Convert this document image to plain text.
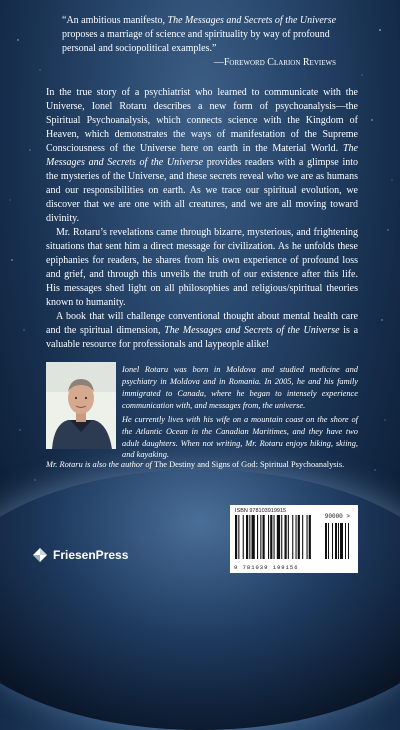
“An ambitious manifesto, The Messages and Secrets of the Universe proposes a marriage of science and spirituality by way of profound personal and sociopolitical examples.”
—Foreword Clarion Reviews

In the true story of a psychiatrist who learned to communicate with the Universe, Ionel Rotaru describes a new form of psychoanalysis—the Spiritual Psychoanalysis, which connects science with the Kingdom of Heaven, which demonstrates the ways of manifestation of the Supreme Consciousness of the Universe here on earth in the Material World. The Messages and Secrets of the Universe provides readers with a glimpse into the mysteries of the Universe, and these secrets reveal who we are as humans and our responsibilities on earth. As we trace our spiritual evolution, we discover that we are one with all creatures, and we are all moving toward divinity.

Mr. Rotaru’s revelations came through bizarre, mysterious, and frightening situations that sent him a direct message for civilization. As he unfolds these epiphanies for readers, he shares from his own experience of profound loss and grief, and through this unveils the truth of our existence after this life. His messages shed light on all philosophies and religious/spiritual theories known to humanity.

A book that will challenge conventional thought about mental health care and the spiritual dimension, The Messages and Secrets of the Universe is a valuable resource for professionals and laypeople alike!

Ionel Rotaru was born in Moldova and studied medicine and psychiatry in Moldova and in Romania. In 2005, he and his family immigrated to Canada, where he began to intensely experience communication with, and messages from, the universe.

He currently lives with his wife on a mountain coast on the shore of the Atlantic Ocean in the Canadian Maritimes, and they have two adult daughters. When not writing, Mr. Rotaru enjoys hiking, skiing, and kayaking.

Mr. Rotaru is also the author of The Destiny and Signs of God: Spiritual Psychoanalysis.
FriesenPress
ISBN 978103919915
90000 >
9 781039 199156
